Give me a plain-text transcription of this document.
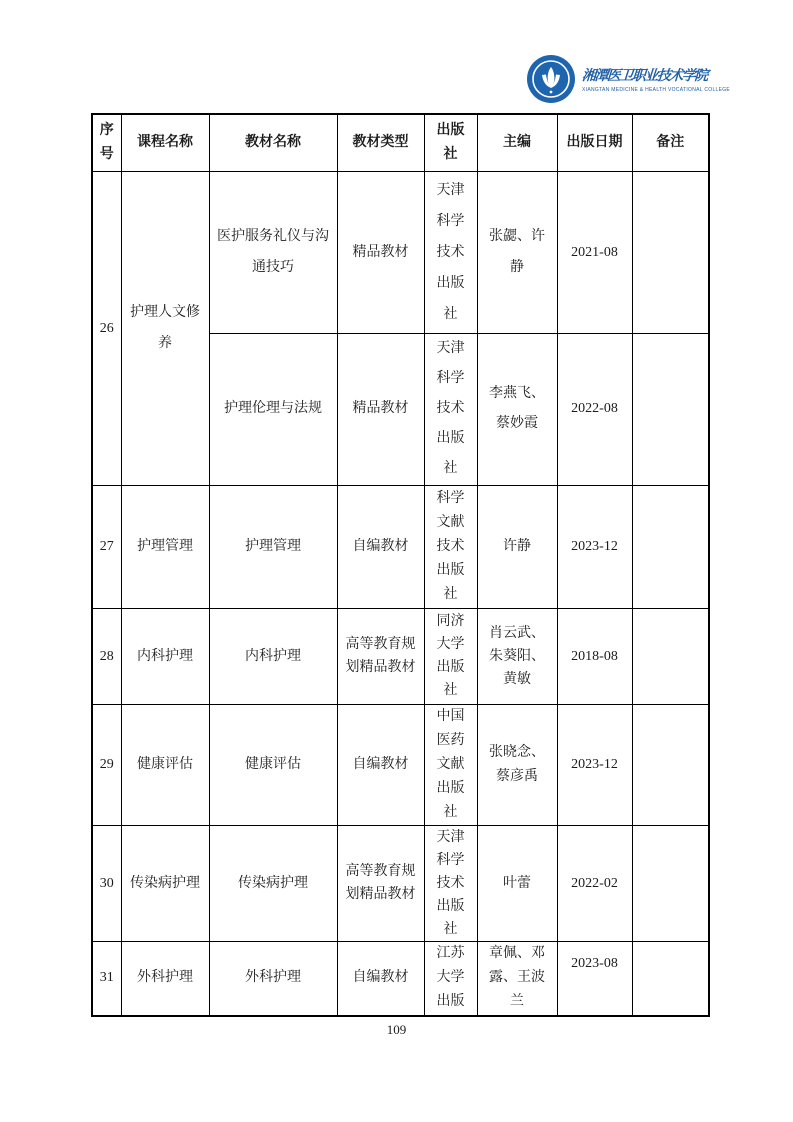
湘潭医卫职业技术学院
XIANGTAN MEDICINE & HEALTH VOCATIONAL COLLEGE
序号	课程名称	教材名称	教材类型	出版社	主编	出版日期	备注
26	护理人文修养	医护服务礼仪与沟通技巧	精品教材	天津科学技术出版社	张勰、许静	2021-08	
		护理伦理与法规	精品教材	天津科学技术出版社	李燕飞、蔡妙霞	2022-08	
27	护理管理	护理管理	自编教材	科学文献技术出版社	许静	2023-12	
28	内科护理	内科护理	高等教育规划精品教材	同济大学出版社	肖云武、朱葵阳、黄敏	2018-08	
29	健康评估	健康评估	自编教材	中国医药文献出版社	张晓念、蔡彦禹	2023-12	
30	传染病护理	传染病护理	高等教育规划精品教材	天津科学技术出版社	叶蕾	2022-02	
31	外科护理	外科护理	自编教材	江苏大学出版	章佩、邓露、王波兰	2023-08	
109
